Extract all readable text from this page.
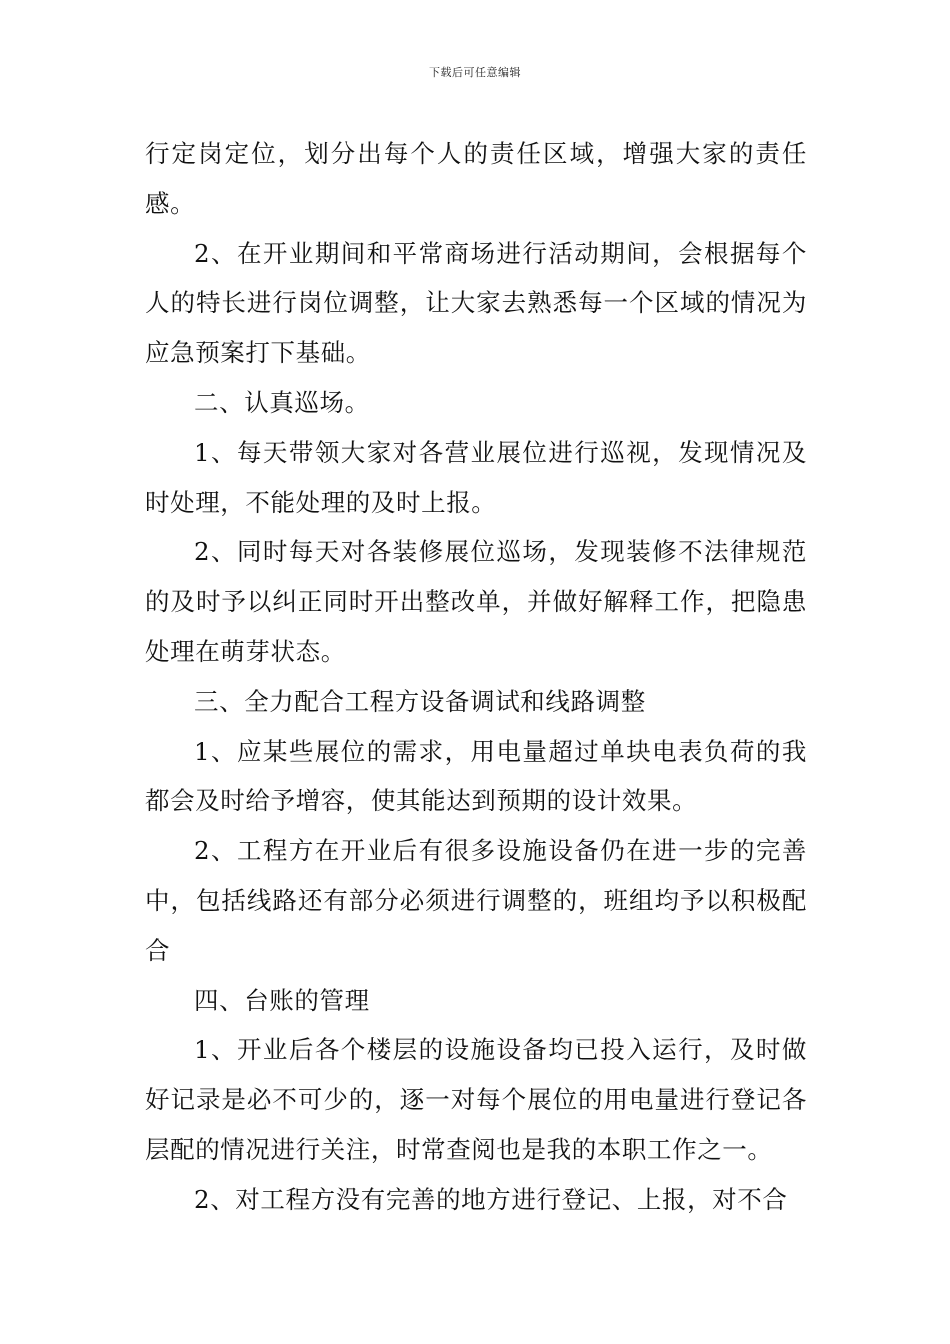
下载后可任意编辑

行定岗定位，划分出每个人的责任区域，增强大家的责任感。

2、在开业期间和平常商场进行活动期间，会根据每个人的特长进行岗位调整，让大家去熟悉每一个区域的情况为应急预案打下基础。

二、认真巡场。

1、每天带领大家对各营业展位进行巡视，发现情况及时处理，不能处理的及时上报。

2、同时每天对各装修展位巡场，发现装修不法律规范的及时予以纠正同时开出整改单，并做好解释工作，把隐患处理在萌芽状态。

三、全力配合工程方设备调试和线路调整

1、应某些展位的需求，用电量超过单块电表负荷的我都会及时给予增容，使其能达到预期的设计效果。

2、工程方在开业后有很多设施设备仍在进一步的完善中，包括线路还有部分必须进行调整的，班组均予以积极配合

四、台账的管理

1、开业后各个楼层的设施设备均已投入运行，及时做好记录是必不可少的，逐一对每个展位的用电量进行登记各层配的情况进行关注，时常查阅也是我的本职工作之一。

2、对工程方没有完善的地方进行登记、上报，对不合
